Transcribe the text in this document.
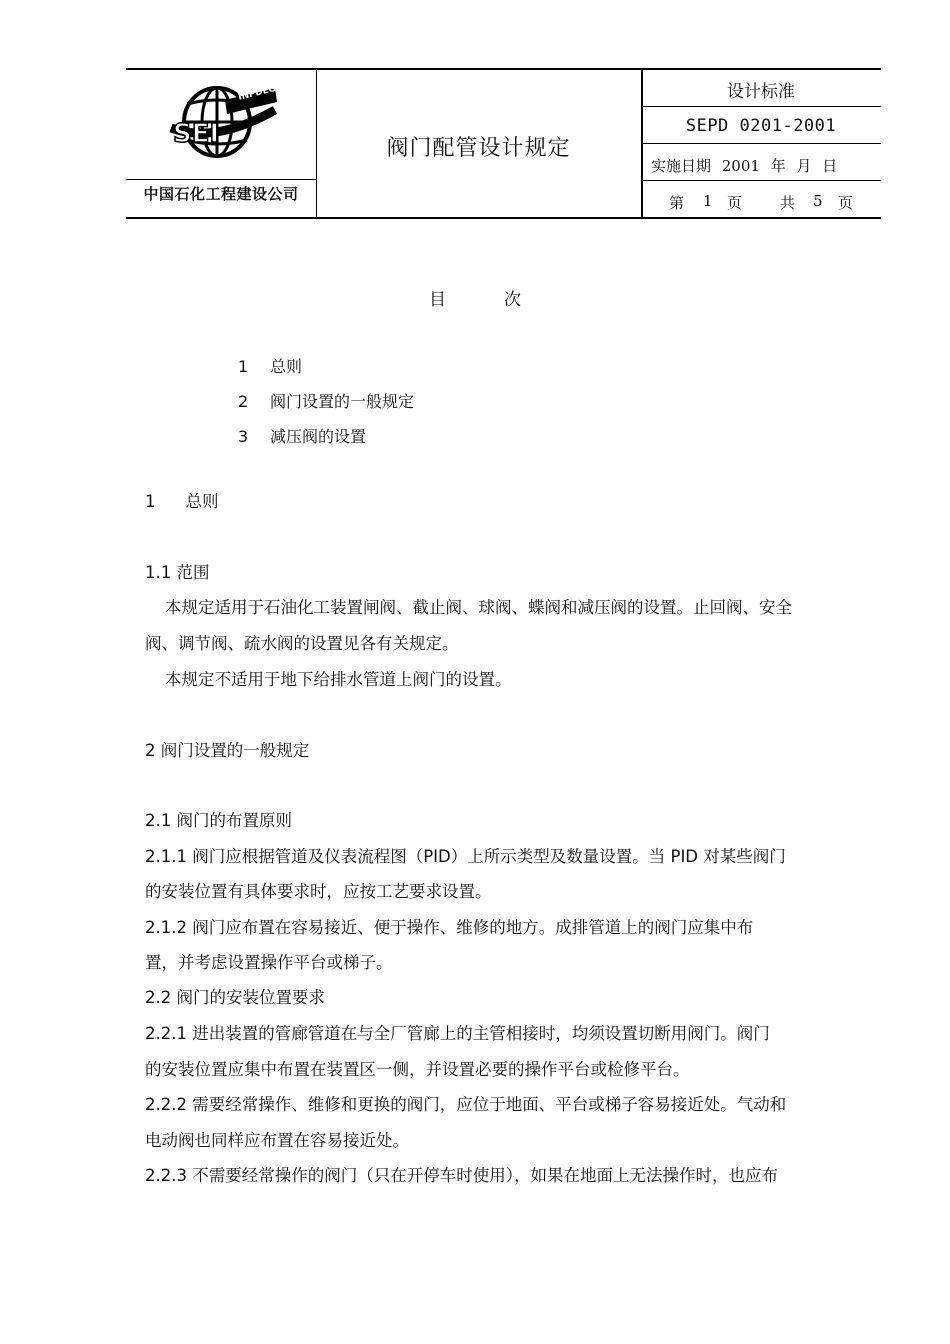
SEI
INPDEG
中国石化工程建设公司
阀门配管设计规定
设计标准
SEPD 0201-2001
实施日期 2001 年 月 日
第 1 页	共 5 页
目	次
1 总则
2 阀门设置的一般规定
3 减压阀的设置
1 总则
1.1 范围
本规定适用于石油化工装置闸阀、截止阀、球阀、蝶阀和减压阀的设置。止回阀、安全
阀、调节阀、疏水阀的设置见各有关规定。
本规定不适用于地下给排水管道上阀门的设置。
2 阀门设置的一般规定
2.1 阀门的布置原则
2.1.1 阀门应根据管道及仪表流程图（PID）上所示类型及数量设置。当 PID 对某些阀门
的安装位置有具体要求时，应按工艺要求设置。
2.1.2 阀门应布置在容易接近、便于操作、维修的地方。成排管道上的阀门应集中布
置，并考虑设置操作平台或梯子。
2.2 阀门的安装位置要求
2.2.1 进出装置的管廊管道在与全厂管廊上的主管相接时，均须设置切断用阀门。阀门
的安装位置应集中布置在装置区一侧，并设置必要的操作平台或检修平台。
2.2.2 需要经常操作、维修和更换的阀门，应位于地面、平台或梯子容易接近处。气动和
电动阀也同样应布置在容易接近处。
2.2.3 不需要经常操作的阀门（只在开停车时使用），如果在地面上无法操作时，也应布
